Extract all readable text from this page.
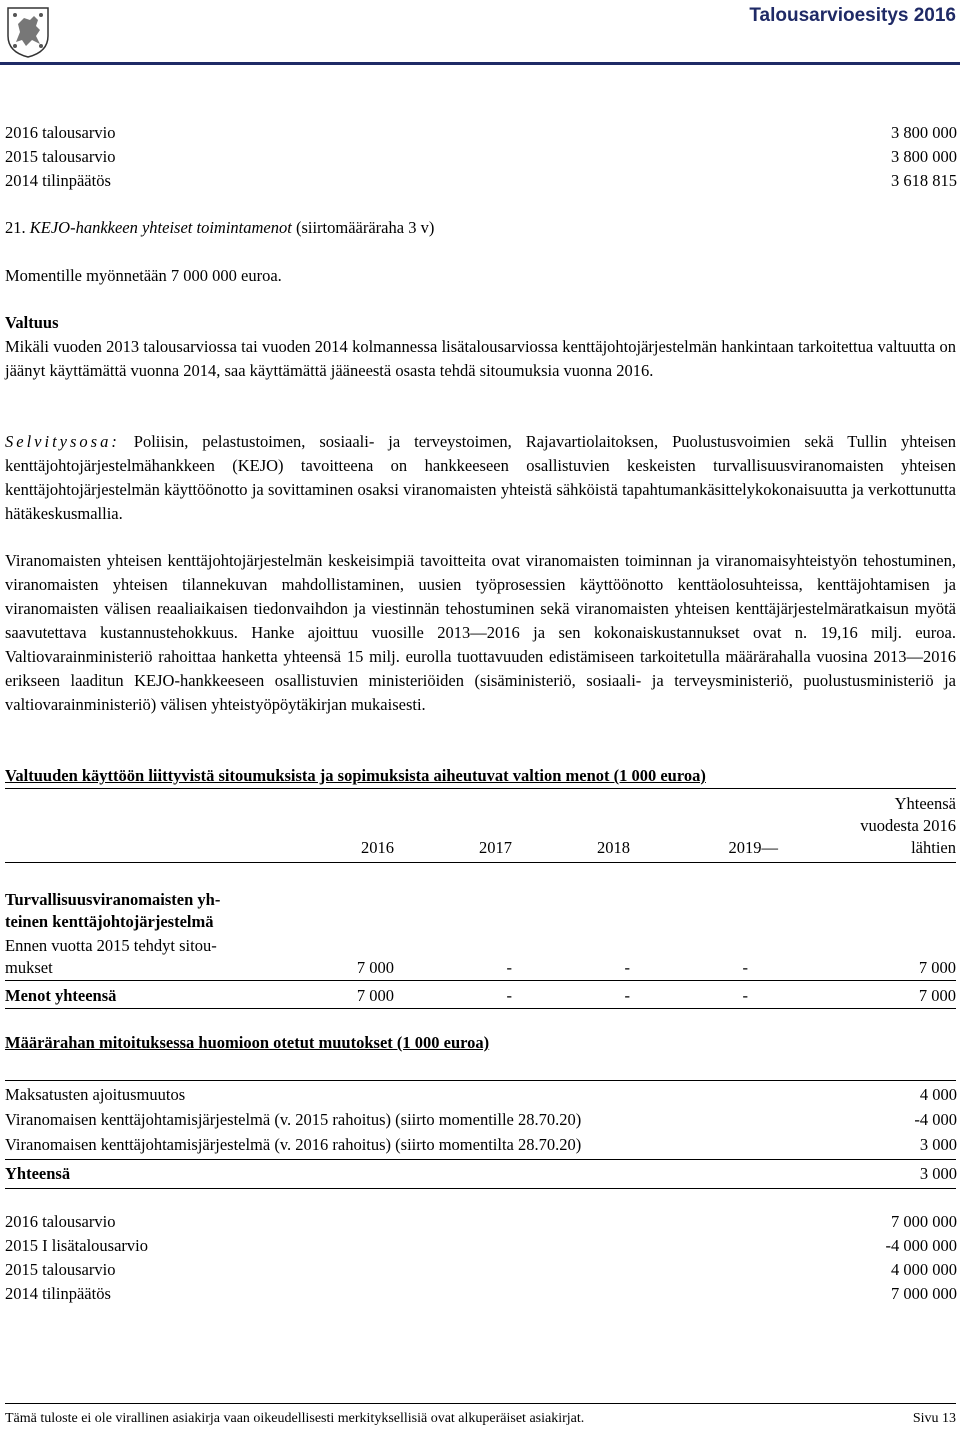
Talousarvioesitys 2016
2016 talousarvio	3 800 000
2015 talousarvio	3 800 000
2014 tilinpäätös	3 618 815
21. KEJO-hankkeen yhteiset toimintamenot (siirtomääräraha 3 v)
Momentille myönnetään 7 000 000 euroa.
Valtuus

Mikäli vuoden 2013 talousarviossa tai vuoden 2014 kolmannessa lisätalousarviossa kenttäjohtojärjestelmän hankintaan tarkoitettua valtuutta on jäänyt käyttämättä vuonna 2014, saa käyttämättä jääneestä osasta tehdä sitoumuksia vuonna 2016.

Selvitysosa: Poliisin, pelastustoimen, sosiaali- ja terveystoimen, Rajavartiolaitoksen, Puolustusvoimien sekä Tullin yhteisen kenttäjohtojärjestelmähankkeen (KEJO) tavoitteena on hankkeeseen osallistuvien keskeisten turvallisuusviranomaisten yhteisen kenttäjohtojärjestelmän käyttöönotto ja sovittaminen osaksi viranomaisten yhteistä sähköistä tapahtumankäsittelykokonaisuutta ja verkottunutta hätäkeskusmallia.

Viranomaisten yhteisen kenttäjohtojärjestelmän keskeisimpiä tavoitteita ovat viranomaisten toiminnan ja viranomaisyhteistyön tehostuminen, viranomaisten yhteisen tilannekuvan mahdollistaminen, uusien työprosessien käyttöönotto kenttäolosuhteissa, kenttäjohtamisen ja viranomaisten välisen reaaliaikaisen tiedonvaihdon ja viestinnän tehostuminen sekä viranomaisten yhteisen kenttäjärjestelmäratkaisun myötä saavutettava kustannustehokkuus. Hanke ajoittuu vuosille 2013—2016 ja sen kokonaiskustannukset ovat n. 19,16 milj. euroa. Valtiovarainministeriö rahoittaa hanketta yhteensä 15 milj. eurolla tuottavuuden edistämiseen tarkoitetulla määrärahalla vuosina 2013—2016 erikseen laaditun KEJO-hankkeeseen osallistuvien ministeriöiden (sisäministeriö, sosiaali- ja terveysministeriö, puolustusministeriö ja valtiovarainministeriö) välisen yhteistyöpöytäkirjan mukaisesti.

Valtuuden käyttöön liittyvistä sitoumuksista ja sopimuksista aiheutuvat valtion menot (1 000 euroa)
Yhteensä
vuodesta 2016
lähtien
2016	2017	2018	2019—
Turvallisuusviranomaisten yh-
teinen kenttäjohtojärjestelmä
Ennen vuotta 2015 tehdyt sitou-
mukset	7 000	-	-	-	7 000
Menot yhteensä	7 000	-	-	-	7 000
Määrärahan mitoituksessa huomioon otetut muutokset (1 000 euroa)
Maksatusten ajoitusmuutos	4 000
Viranomaisen kenttäjohtamisjärjestelmä (v. 2015 rahoitus) (siirto momentille 28.70.20)	-4 000
Viranomaisen kenttäjohtamisjärjestelmä (v. 2016 rahoitus) (siirto momentilta 28.70.20)	3 000
Yhteensä	3 000
2016 talousarvio	7 000 000
2015 I lisätalousarvio	-4 000 000
2015 talousarvio	4 000 000
2014 tilinpäätös	7 000 000
Tämä tuloste ei ole virallinen asiakirja vaan oikeudellisesti merkityksellisiä ovat alkuperäiset asiakirjat.	Sivu 13
